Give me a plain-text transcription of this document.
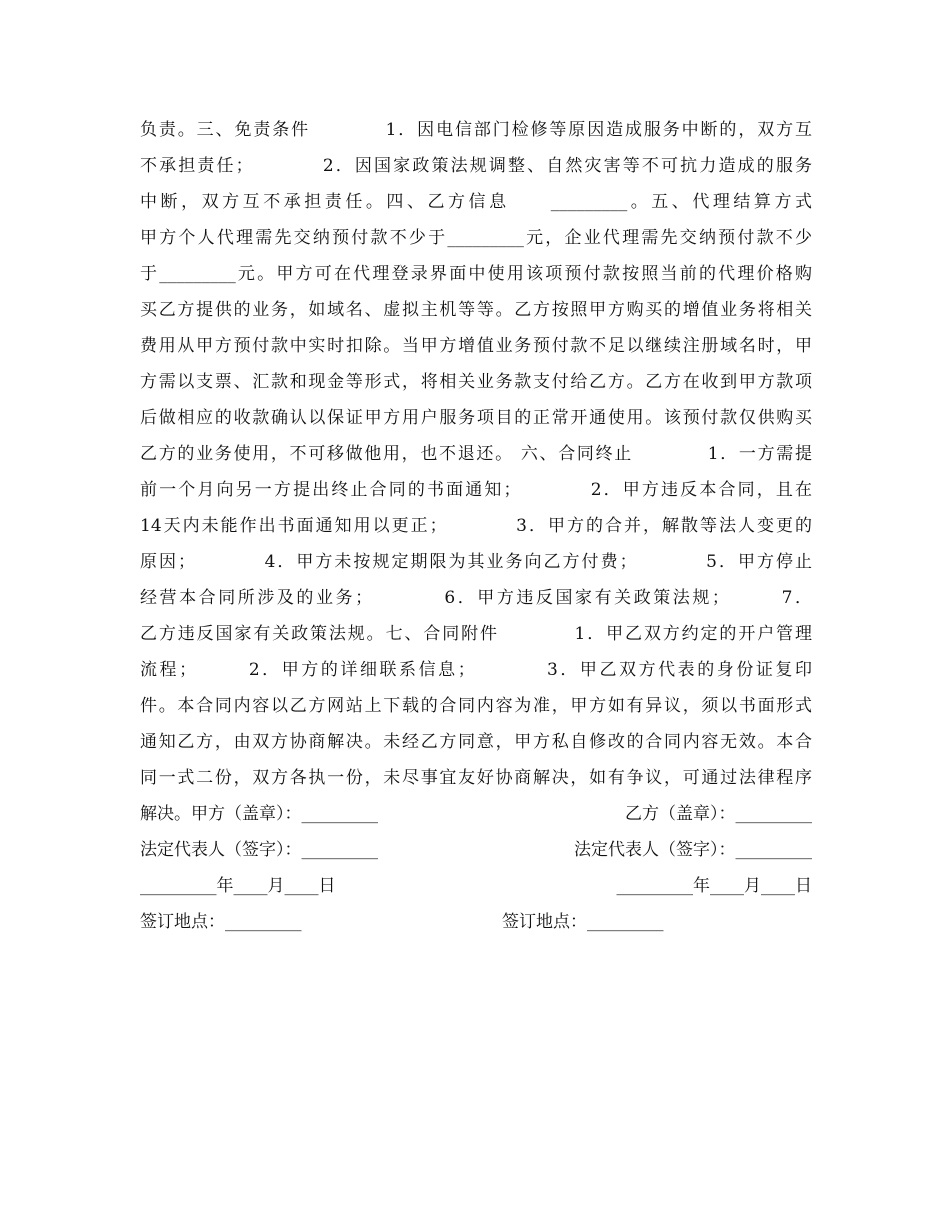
负责。三、免责条件　　　　1．因电信部门检修等原因造成服务中断的，双方互
不承担责任；　　　　2．因国家政策法规调整、自然灾害等不可抗力造成的服务
中断，双方互不承担责任。四、乙方信息　　_________。五、代理结算方式
甲方个人代理需先交纳预付款不少于_________元，企业代理需先交纳预付款不少
于_________元。甲方可在代理登录界面中使用该项预付款按照当前的代理价格购
买乙方提供的业务，如域名、虚拟主机等等。乙方按照甲方购买的增值业务将相关
费用从甲方预付款中实时扣除。当甲方增值业务预付款不足以继续注册域名时，甲
方需以支票、汇款和现金等形式，将相关业务款支付给乙方。乙方在收到甲方款项
后做相应的收款确认以保证甲方用户服务项目的正常开通使用。该预付款仅供购买
乙方的业务使用，不可移做他用，也不退还。 六、合同终止　　　　1．一方需提
前一个月向另一方提出终止合同的书面通知；　　　　2．甲方违反本合同，且在
14天内未能作出书面通知用以更正；　　　　3．甲方的合并，解散等法人变更的
原因；　　　　4．甲方未按规定期限为其业务向乙方付费；　　　　5．甲方停止
经营本合同所涉及的业务；　　　　6．甲方违反国家有关政策法规；　　　7．
乙方违反国家有关政策法规。七、合同附件　　　　1．甲乙双方约定的开户管理
流程；　　　2．甲方的详细联系信息；　　　　3．甲乙双方代表的身份证复印
件。本合同内容以乙方网站上下载的合同内容为准，甲方如有异议，须以书面形式
通知乙方，由双方协商解决。未经乙方同意，甲方私自修改的合同内容无效。本合
同一式二份，双方各执一份，未尽事宜友好协商解决，如有争议，可通过法律程序
解决。甲方（盖章）：_________	乙方（盖章）：_________
法定代表人（签字）：_________	法定代表人（签字）：_________
_________年____月____日	_________年____月____日
签订地点：_________	签订地点：_________
